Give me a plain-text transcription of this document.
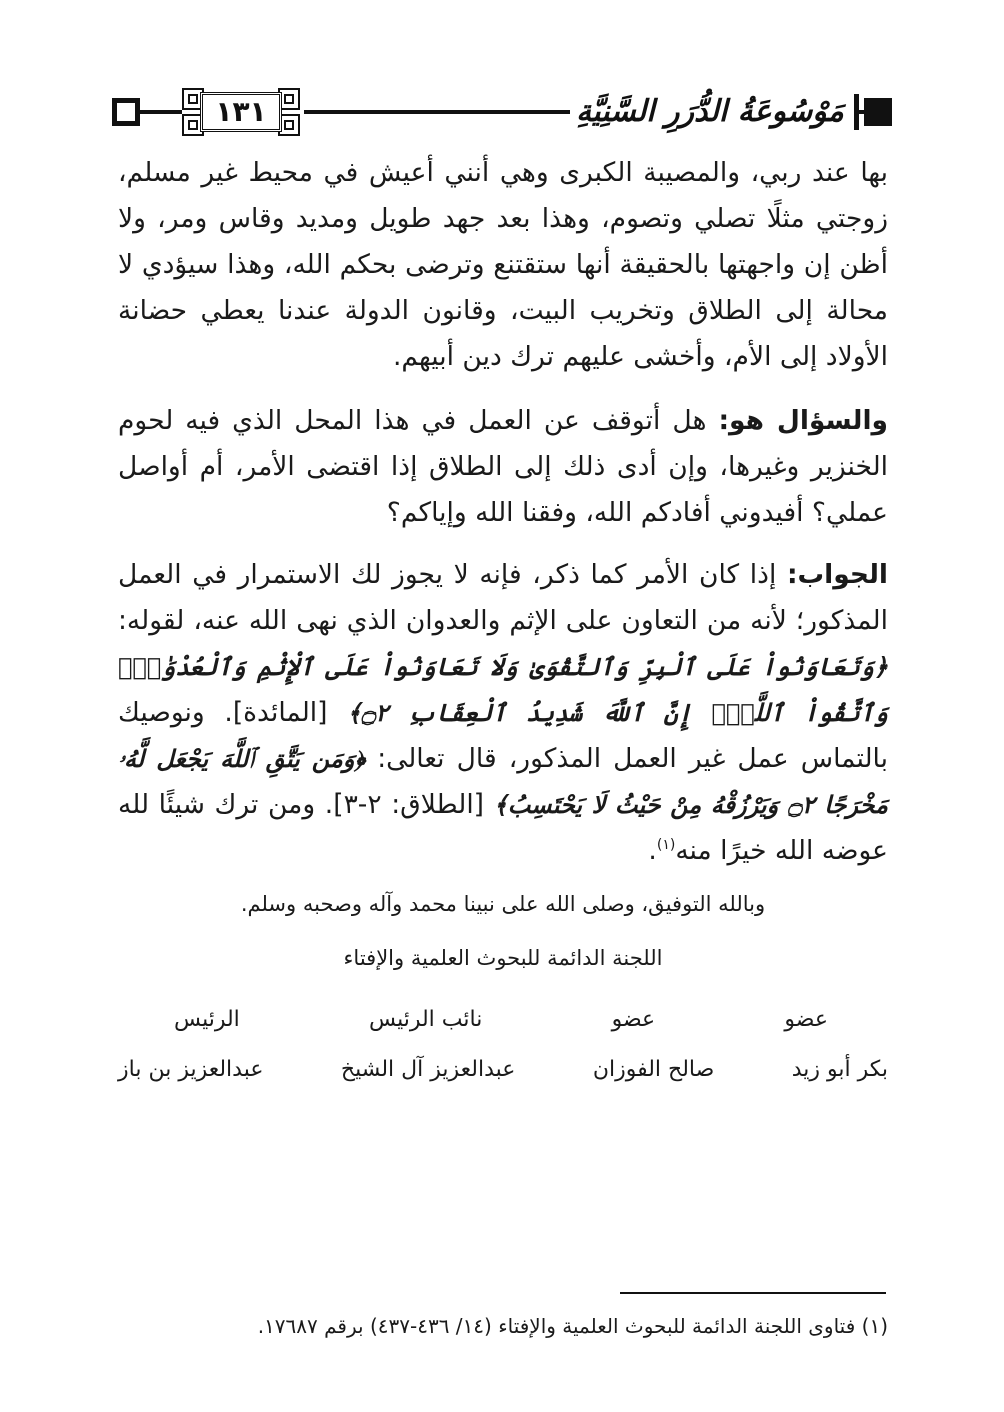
١٣١	مَوْسُوعَةُ الدُّرَرِ السَّنِيَّةِ

بها عند ربي، والمصيبة الكبرى وهي أنني أعيش في محيط غير مسلم، زوجتي مثلًا تصلي وتصوم، وهذا بعد جهد طويل ومديد وقاس ومر، ولا أظن إن واجهتها بالحقيقة أنها ستقتنع وترضى بحكم الله، وهذا سيؤدي لا محالة إلى الطلاق وتخريب البيت، وقانون الدولة عندنا يعطي حضانة الأولاد إلى الأم، وأخشى عليهم ترك دين أبيهم.

والسؤال هو: هل أتوقف عن العمل في هذا المحل الذي فيه لحوم الخنزير وغيرها، وإن أدى ذلك إلى الطلاق إذا اقتضى الأمر، أم أواصل عملي؟ أفيدوني أفادكم الله، وفقنا الله وإياكم؟

الجواب: إذا كان الأمر كما ذكر، فإنه لا يجوز لك الاستمرار في العمل المذكور؛ لأنه من التعاون على الإثم والعدوان الذي نهى الله عنه، لقوله: ﴿وَتَعَاوَنُواْ عَلَى ٱلْبِرِّ وَٱلتَّقْوَىٰ وَلَا تَعَاوَنُواْ عَلَى ٱلْإِثْمِ وَٱلْعُدْوَٰنِۚ وَٱتَّقُواْ ٱللَّهَۖ إِنَّ ٱللَّهَ شَدِيدُ ٱلْعِقَابِ ۝٢﴾ [المائدة]. ونوصيك بالتماس عمل غير العمل المذكور، قال تعالى: ﴿وَمَن يَتَّقِ ٱللَّهَ يَجْعَل لَّهُۥ مَخْرَجًا ۝٢ وَيَرْزُقْهُ مِنْ حَيْثُ لَا يَحْتَسِبُ﴾ [الطلاق: ٢-٣]. ومن ترك شيئًا لله عوضه الله خيرًا منه$^{(١)}$.

وبالله التوفيق، وصلى الله على نبينا محمد وآله وصحبه وسلم.
اللجنة الدائمة للبحوث العلمية والإفتاء
عضو
عضو
نائب الرئيس
الرئيس
بكر أبو زيد
صالح الفوزان
عبدالعزيز آل الشيخ
عبدالعزيز بن باز
(١) فتاوى اللجنة الدائمة للبحوث العلمية والإفتاء (١٤/ ٤٣٦-٤٣٧) برقم ١٧٦٨٧.
